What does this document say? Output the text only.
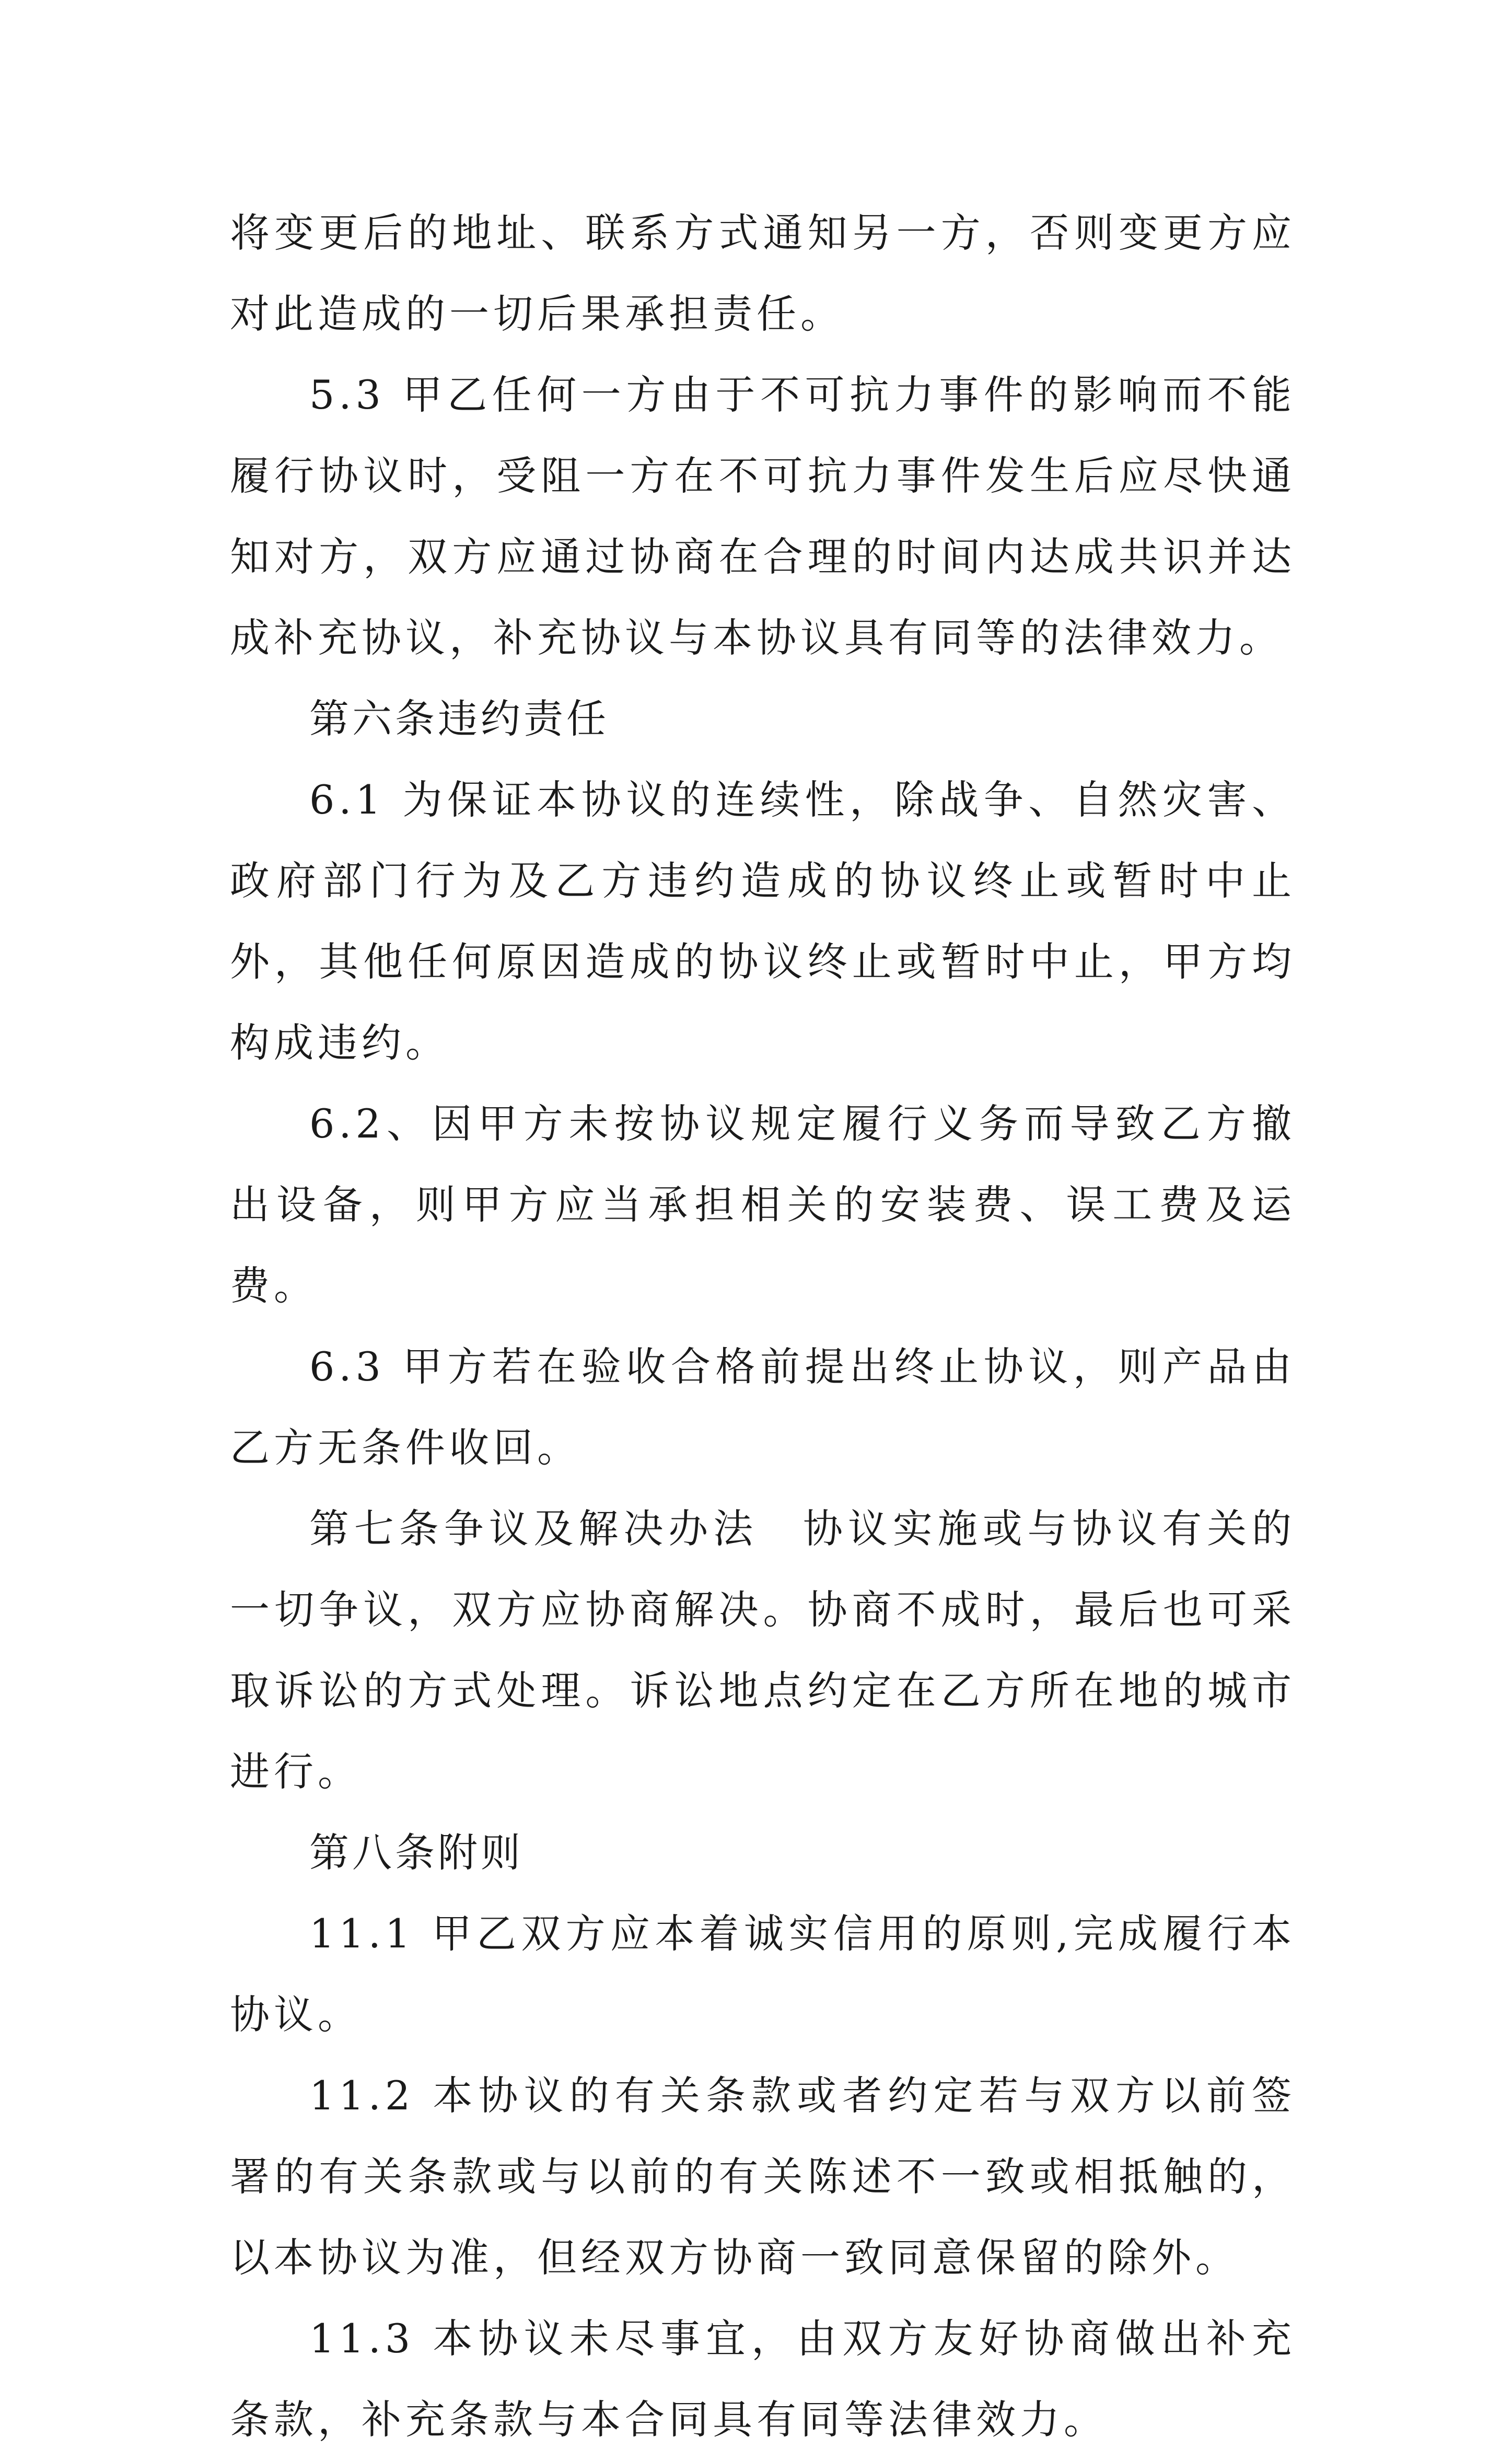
将变更后的地址、联系方式通知另一方，否则变更方应对此造成的一切后果承担责任。

5.3 甲乙任何一方由于不可抗力事件的影响而不能履行协议时，受阻一方在不可抗力事件发生后应尽快通知对方，双方应通过协商在合理的时间内达成共识并达成补充协议，补充协议与本协议具有同等的法律效力。

第六条违约责任

6.1 为保证本协议的连续性，除战争、自然灾害、政府部门行为及乙方违约造成的协议终止或暂时中止外，其他任何原因造成的协议终止或暂时中止，甲方均构成违约。

6.2、因甲方未按协议规定履行义务而导致乙方撤出设备，则甲方应当承担相关的安装费、误工费及运费。

6.3 甲方若在验收合格前提出终止协议，则产品由乙方无条件收回。

第七条争议及解决办法　协议实施或与协议有关的一切争议，双方应协商解决。协商不成时，最后也可采取诉讼的方式处理。诉讼地点约定在乙方所在地的城市进行。

第八条附则

11.1 甲乙双方应本着诚实信用的原则,完成履行本协议。

11.2 本协议的有关条款或者约定若与双方以前签署的有关条款或与以前的有关陈述不一致或相抵触的，以本协议为准，但经双方协商一致同意保留的除外。

11.3 本协议未尽事宜，由双方友好协商做出补充条款，补充条款与本合同具有同等法律效力。
